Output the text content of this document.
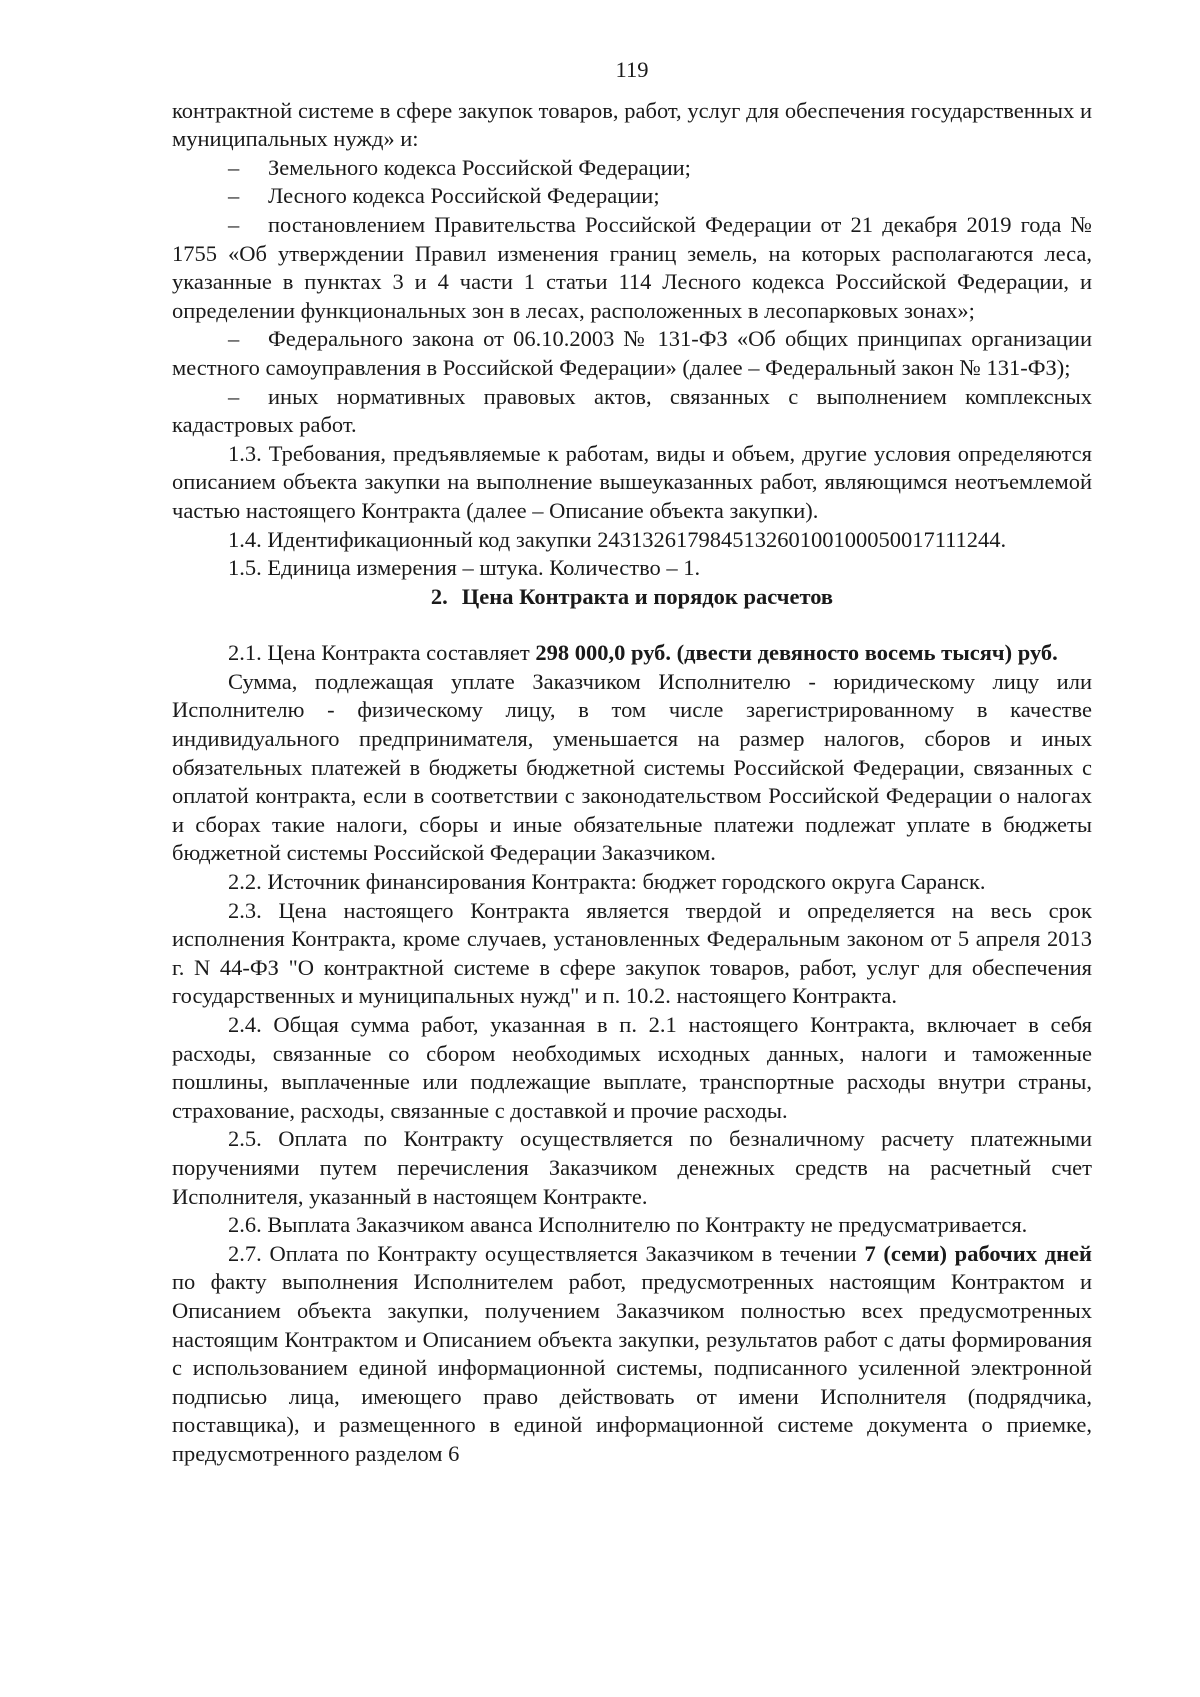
119

контрактной системе в сфере закупок товаров, работ, услуг для обеспечения государственных и муниципальных нужд» и:

– Земельного кодекса Российской Федерации;

– Лесного кодекса Российской Федерации;

– постановлением Правительства Российской Федерации от 21 декабря 2019 года № 1755 «Об утверждении Правил изменения границ земель, на которых располагаются леса, указанные в пунктах 3 и 4 части 1 статьи 114 Лесного кодекса Российской Федерации, и определении функциональных зон в лесах, расположенных в лесопарковых зонах»;

– Федерального закона от 06.10.2003 № 131-ФЗ «Об общих принципах организации местного самоуправления в Российской Федерации» (далее – Федеральный закон № 131-ФЗ);

– иных нормативных правовых актов, связанных с выполнением комплексных кадастровых работ.

1.3. Требования, предъявляемые к работам, виды и объем, другие условия определяются описанием объекта закупки на выполнение вышеуказанных работ, являющимся неотъемлемой частью настоящего Контракта (далее – Описание объекта закупки).

1.4. Идентификационный код закупки 243132617984513260100100050017111244.

1.5. Единица измерения – штука. Количество – 1.

2. Цена Контракта и порядок расчетов

2.1. Цена Контракта составляет 298 000,0 руб. (двести девяносто восемь тысяч) руб.

Сумма, подлежащая уплате Заказчиком Исполнителю - юридическому лицу или Исполнителю - физическому лицу, в том числе зарегистрированному в качестве индивидуального предпринимателя, уменьшается на размер налогов, сборов и иных обязательных платежей в бюджеты бюджетной системы Российской Федерации, связанных с оплатой контракта, если в соответствии с законодательством Российской Федерации о налогах и сборах такие налоги, сборы и иные обязательные платежи подлежат уплате в бюджеты бюджетной системы Российской Федерации Заказчиком.

2.2. Источник финансирования Контракта: бюджет городского округа Саранск.

2.3. Цена настоящего Контракта является твердой и определяется на весь срок исполнения Контракта, кроме случаев, установленных Федеральным законом от 5 апреля 2013 г. N 44-ФЗ "О контрактной системе в сфере закупок товаров, работ, услуг для обеспечения государственных и муниципальных нужд" и п. 10.2. настоящего Контракта.

2.4. Общая сумма работ, указанная в п. 2.1 настоящего Контракта, включает в себя расходы, связанные со сбором необходимых исходных данных, налоги и таможенные пошлины, выплаченные или подлежащие выплате, транспортные расходы внутри страны, страхование, расходы, связанные с доставкой и прочие расходы.

2.5. Оплата по Контракту осуществляется по безналичному расчету платежными поручениями путем перечисления Заказчиком денежных средств на расчетный счет Исполнителя, указанный в настоящем Контракте.

2.6. Выплата Заказчиком аванса Исполнителю по Контракту не предусматривается.

2.7. Оплата по Контракту осуществляется Заказчиком в течении 7 (семи) рабочих дней по факту выполнения Исполнителем работ, предусмотренных настоящим Контрактом и Описанием объекта закупки, получением Заказчиком полностью всех предусмотренных настоящим Контрактом и Описанием объекта закупки, результатов работ с даты формирования с использованием единой информационной системы, подписанного усиленной электронной подписью лица, имеющего право действовать от имени Исполнителя (подрядчика, поставщика), и размещенного в единой информационной системе документа о приемке, предусмотренного разделом 6
